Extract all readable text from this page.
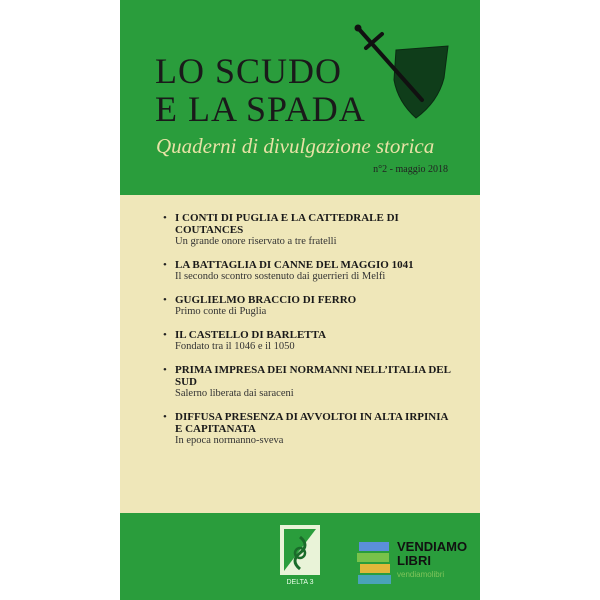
LO SCUDO
E LA SPADA
Quaderni di divulgazione storica
n°2 - maggio 2018
• I CONTI DI PUGLIA E LA CATTEDRALE DI COUTANCES
Un grande onore riservato a tre fratelli
• LA BATTAGLIA DI CANNE DEL MAGGIO 1041
Il secondo scontro sostenuto dai guerrieri di Melfi
• GUGLIELMO BRACCIO DI FERRO
Primo conte di Puglia
• IL CASTELLO DI BARLETTA
Fondato tra il 1046 e il 1050
• PRIMA IMPRESA DEI NORMANNI NELL’ITALIA DEL SUD
Salerno liberata dai saraceni
• DIFFUSA PRESENZA DI AVVOLTOI IN ALTA IRPINIA E CAPITANATA
In epoca normanno-sveva
DELTA 3
VENDIAMO
LIBRI
vendiamolibri
